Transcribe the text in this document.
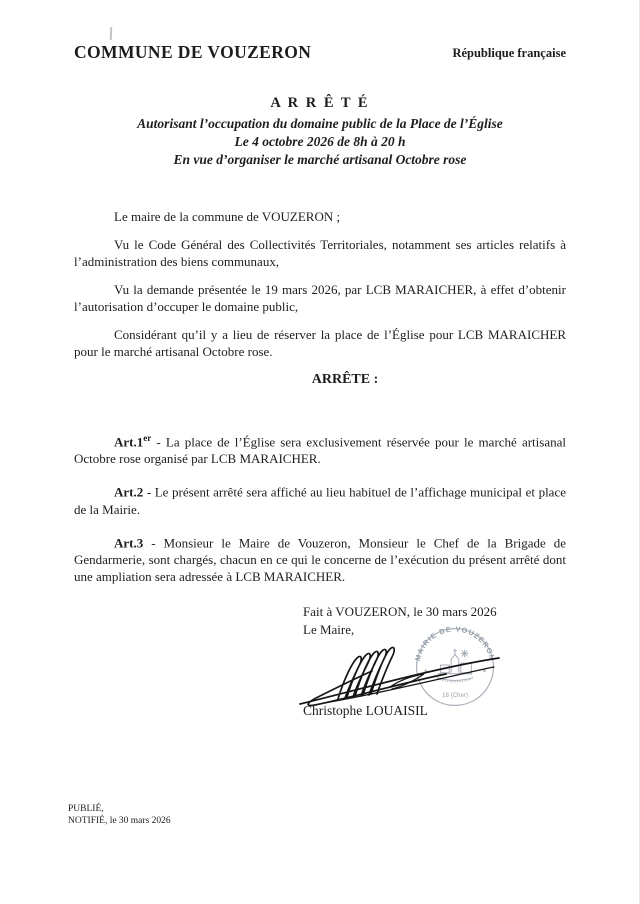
COMMUNE DE VOUZERON	République française
A R R Ê T É
Autorisant l’occupation du domaine public de la Place de l’Église
Le 4 octobre 2026 de 8h à 20 h
En vue d’organiser le marché artisanal Octobre rose

Le maire de la commune de VOUZERON ;

Vu le Code Général des Collectivités Territoriales, notamment ses articles relatifs à l’administration des biens communaux,

Vu la demande présentée le 19 mars 2026, par LCB MARAICHER, à effet d’obtenir l’autorisation d’occuper le domaine public,

Considérant qu’il y a lieu de réserver la place de l’Église pour LCB MARAICHER pour le marché artisanal Octobre rose.

ARRÊTE :

Art.1er - La place de l’Église sera exclusivement réservée pour le marché artisanal Octobre rose organisé par LCB MARAICHER.

Art.2 - Le présent arrêté sera affiché au lieu habituel de l’affichage municipal et place de la Mairie.

Art.3 - Monsieur le Maire de Vouzeron, Monsieur le Chef de la Brigade de Gendarmerie, sont chargés, chacun en ce qui le concerne de l’exécution du présent arrêté dont une ampliation sera adressée à LCB MARAICHER.

Fait à VOUZERON, le 30 mars 2026
Le Maire,
MAIRIE DE VOUZERON
✶	✶
18 (Cher)
Christophe LOUAISIL
PUBLIÉ,
NOTIFIÉ, le 30 mars 2026
